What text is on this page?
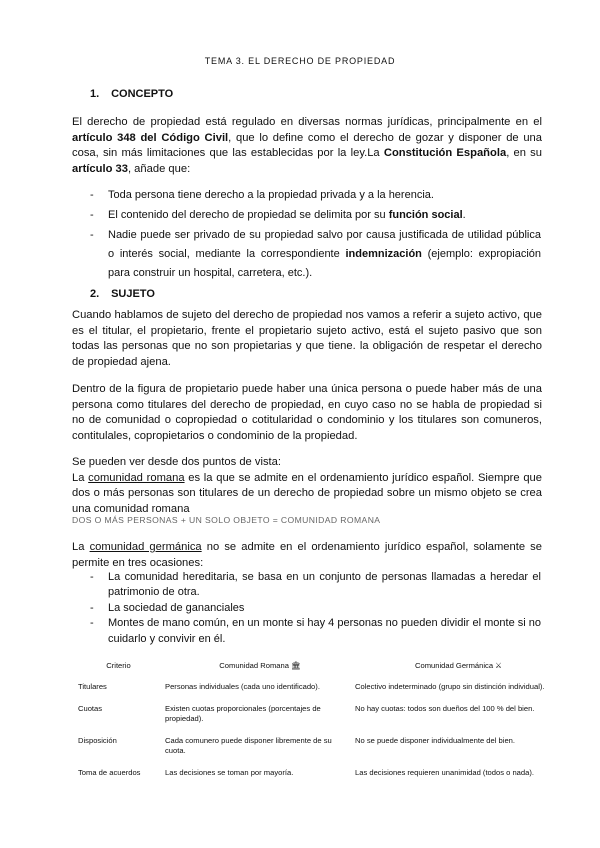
TEMA 3. EL DERECHO DE PROPIEDAD
1. CONCEPTO

El derecho de propiedad está regulado en diversas normas jurídicas, principalmente en el artículo 348 del Código Civil, que lo define como el derecho de gozar y disponer de una cosa, sin más limitaciones que las establecidas por la ley.La Constitución Española, en su artículo 33, añade que:

- Toda persona tiene derecho a la propiedad privada y a la herencia.
- El contenido del derecho de propiedad se delimita por su función social.
- Nadie puede ser privado de su propiedad salvo por causa justificada de utilidad pública o interés social, mediante la correspondiente indemnización (ejemplo: expropiación para construir un hospital, carretera, etc.).
2. SUJETO

Cuando hablamos de sujeto del derecho de propiedad nos vamos a referir a sujeto activo, que es el titular, el propietario, frente el propietario sujeto activo, está el sujeto pasivo que son todas las personas que no son propietarias y que tiene. la obligación de respetar el derecho de propiedad ajena.

Dentro de la figura de propietario puede haber una única persona o puede haber más de una persona como titulares del derecho de propiedad, en cuyo caso no se habla de propiedad si no de comunidad o copropiedad o cotitularidad o condominio y los titulares son comuneros, contitulales, copropietarios o condominio de la propiedad.

Se pueden ver desde dos puntos de vista:
La comunidad romana es la que se admite en el ordenamiento jurídico español. Siempre que dos o más personas son titulares de un derecho de propiedad sobre un mismo objeto se crea una comunidad romana

DOS O MÁS PERSONAS + UN SOLO OBJETO = COMUNIDAD ROMANA

La comunidad germánica no se admite en el ordenamiento jurídico español, solamente se permite en tres ocasiones:

- La comunidad hereditaria, se basa en un conjunto de personas llamadas a heredar el patrimonio de otra.
- La sociedad de gananciales
- Montes de mano común, en un monte si hay 4 personas no pueden dividir el monte si no cuidarlo y convivir en él.
Criterio	Comunidad Romana 🏛	Comunidad Germánica ⚔
Titulares	Personas individuales (cada uno identificado).	Colectivo indeterminado (grupo sin distinción individual).
Cuotas	Existen cuotas proporcionales (porcentajes de propiedad).	No hay cuotas: todos son dueños del 100 % del bien.
Disposición	Cada comunero puede disponer libremente de su cuota.	No se puede disponer individualmente del bien.
Toma de acuerdos	Las decisiones se toman por mayoría.	Las decisiones requieren unanimidad (todos o nada).
